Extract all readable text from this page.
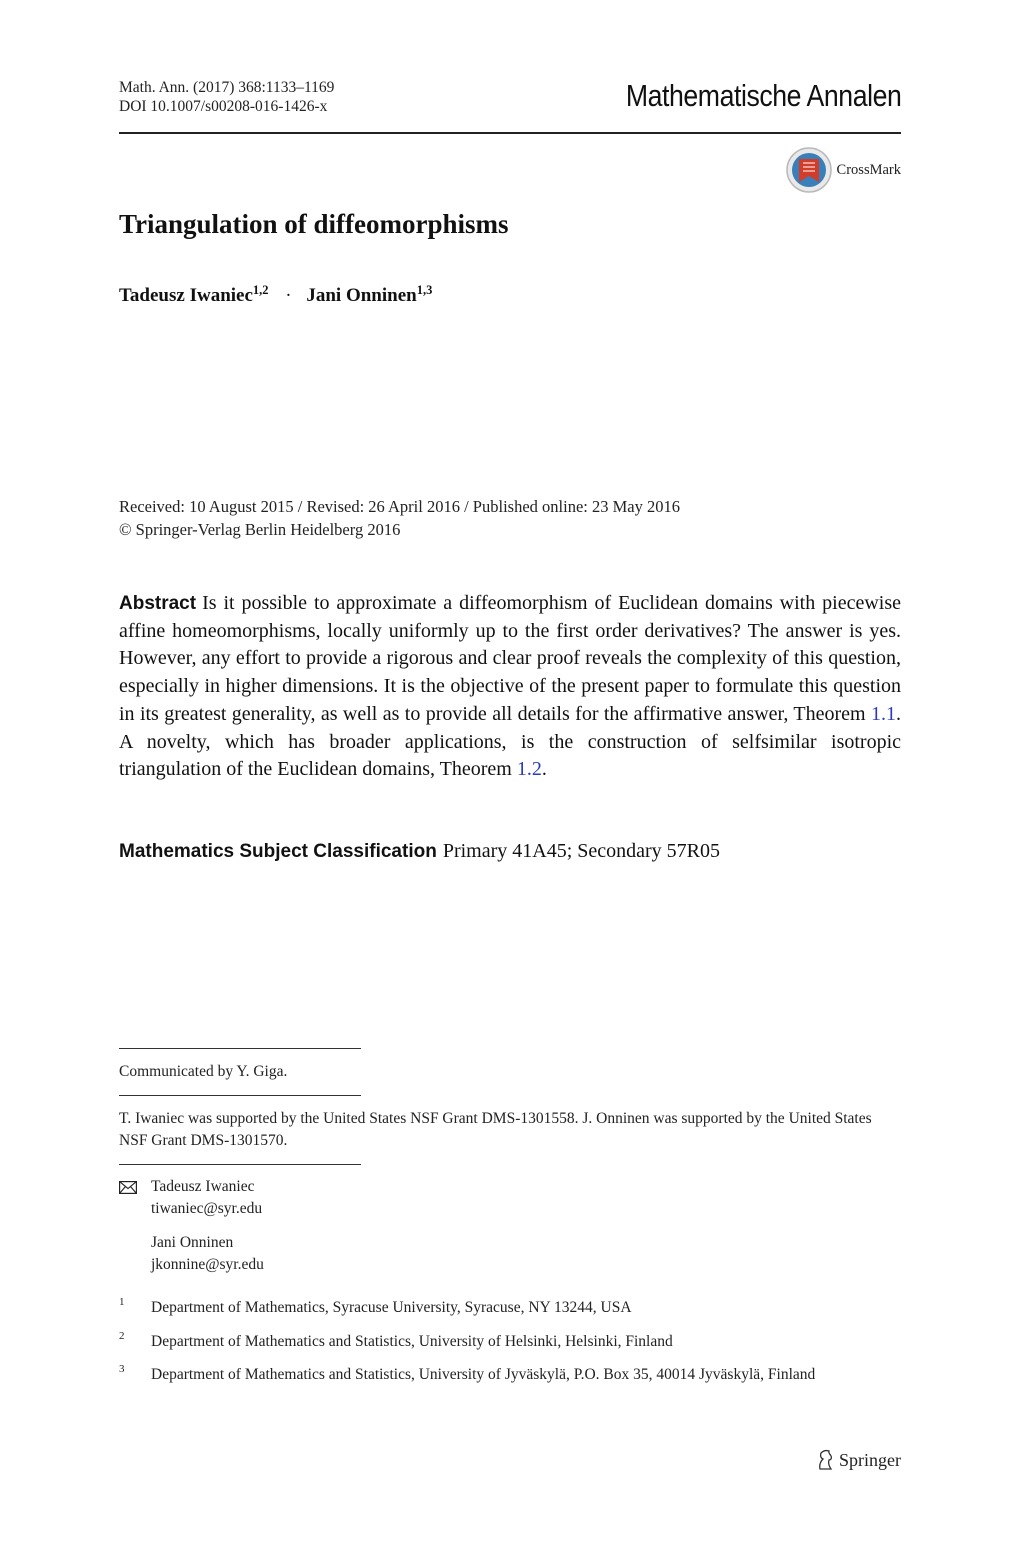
Math. Ann. (2017) 368:1133–1169
DOI 10.1007/s00208-016-1426-x	Mathematische Annalen
CrossMark
Triangulation of diffeomorphisms
Tadeusz Iwaniec$^{1,2}$ · Jani Onninen$^{1,3}$
Received: 10 August 2015 / Revised: 26 April 2016 / Published online: 23 May 2016
© Springer-Verlag Berlin Heidelberg 2016

Abstract Is it possible to approximate a diffeomorphism of Euclidean domains with piecewise affine homeomorphisms, locally uniformly up to the first order derivatives? The answer is yes. However, any effort to provide a rigorous and clear proof reveals the complexity of this question, especially in higher dimensions. It is the objective of the present paper to formulate this question in its greatest generality, as well as to provide all details for the affirmative answer, Theorem 1.1. A novelty, which has broader applications, is the construction of selfsimilar isotropic triangulation of the Euclidean domains, Theorem 1.2.

Mathematics Subject Classification Primary 41A45; Secondary 57R05
Communicated by Y. Giga.
T. Iwaniec was supported by the United States NSF Grant DMS-1301558. J. Onninen was supported by the United States NSF Grant DMS-1301570.
Tadeusz Iwaniec
tiwaniec@syr.edu
Jani Onninen
jkonnine@syr.edu
1 Department of Mathematics, Syracuse University, Syracuse, NY 13244, USA
2 Department of Mathematics and Statistics, University of Helsinki, Helsinki, Finland
3 Department of Mathematics and Statistics, University of Jyväskylä, P.O. Box 35, 40014 Jyväskylä, Finland
Springer
